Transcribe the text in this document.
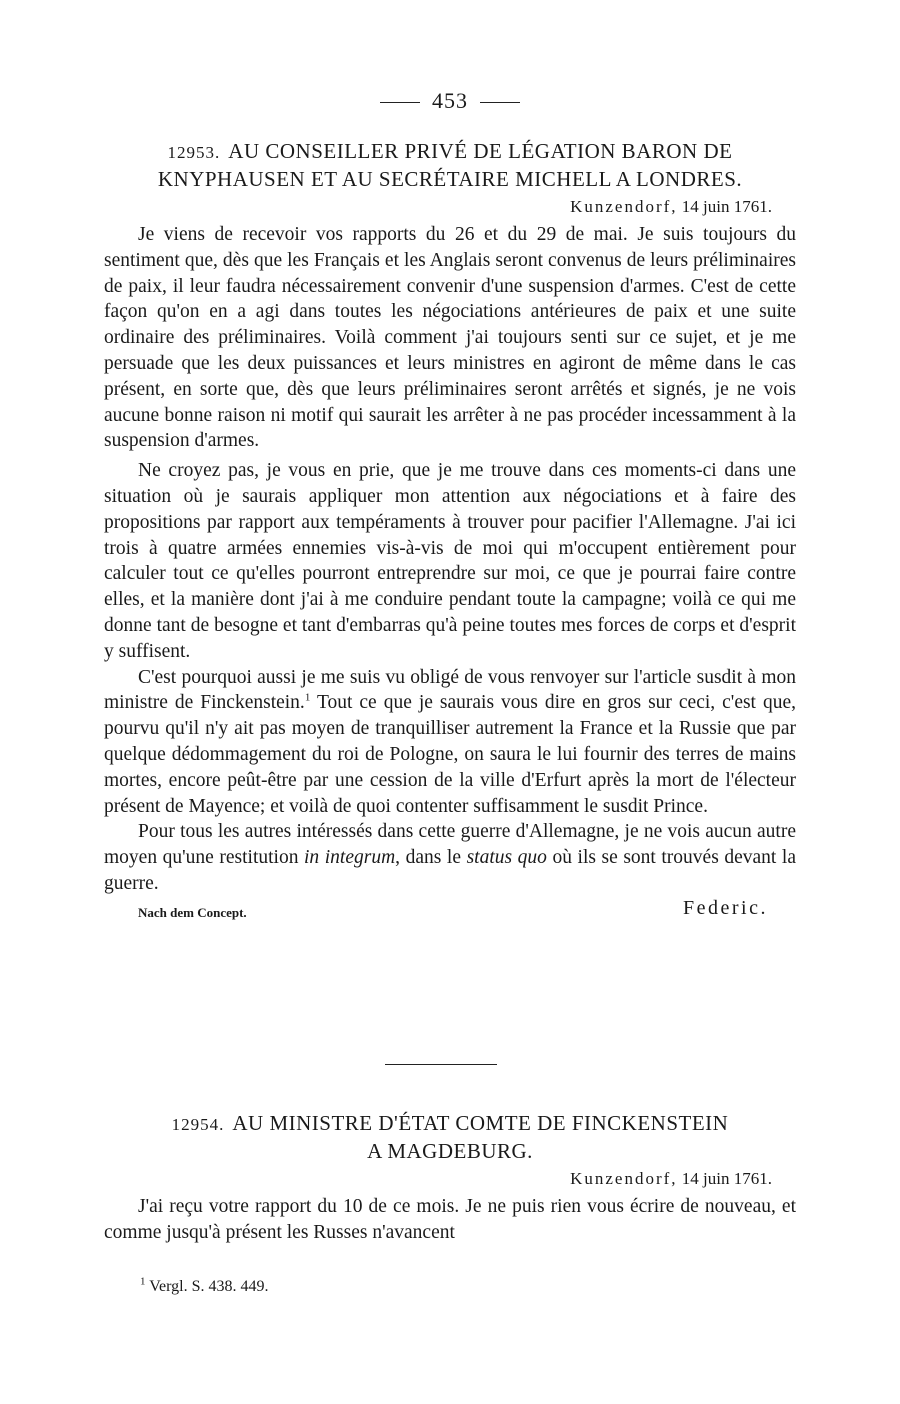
453
12953. AU CONSEILLER PRIVÉ DE LÉGATION BARON DE
KNYPHAUSEN ET AU SECRÉTAIRE MICHELL A LONDRES.
Kunzendorf, 14 juin 1761.

Je viens de recevoir vos rapports du 26 et du 29 de mai. Je suis toujours du sentiment que, dès que les Français et les Anglais seront convenus de leurs préliminaires de paix, il leur faudra nécessairement convenir d'une suspension d'armes. C'est de cette façon qu'on en a agi dans toutes les négociations antérieures de paix et une suite ordinaire des préliminaires. Voilà comment j'ai toujours senti sur ce sujet, et je me persuade que les deux puissances et leurs ministres en agiront de même dans le cas présent, en sorte que, dès que leurs préliminaires seront arrêtés et signés, je ne vois aucune bonne raison ni motif qui saurait les arrêter à ne pas procéder incessamment à la suspension d'armes.

Ne croyez pas, je vous en prie, que je me trouve dans ces moments-ci dans une situation où je saurais appliquer mon attention aux négociations et à faire des propositions par rapport aux tempéraments à trouver pour pacifier l'Allemagne. J'ai ici trois à quatre armées ennemies vis-à-vis de moi qui m'occupent entièrement pour calculer tout ce qu'elles pourront entreprendre sur moi, ce que je pourrai faire contre elles, et la manière dont j'ai à me conduire pendant toute la campagne; voilà ce qui me donne tant de besogne et tant d'embarras qu'à peine toutes mes forces de corps et d'esprit y suffisent.

C'est pourquoi aussi je me suis vu obligé de vous renvoyer sur l'article susdit à mon ministre de Finckenstein.$^1$ Tout ce que je saurais vous dire en gros sur ceci, c'est que, pourvu qu'il n'y ait pas moyen de tranquilliser autrement la France et la Russie que par quelque dédommagement du roi de Pologne, on saura le lui fournir des terres de mains mortes, encore peût-être par une cession de la ville d'Erfurt après la mort de l'électeur présent de Mayence; et voilà de quoi contenter suffisamment le susdit Prince.

Pour tous les autres intéressés dans cette guerre d'Allemagne, je ne vois aucun autre moyen qu'une restitution in integrum, dans le status quo où ils se sont trouvés devant la guerre.

Nach dem Concept.	Federic.
12954. AU MINISTRE D'ÉTAT COMTE DE FINCKENSTEIN
A MAGDEBURG.
Kunzendorf, 14 juin 1761.

J'ai reçu votre rapport du 10 de ce mois. Je ne puis rien vous écrire de nouveau, et comme jusqu'à présent les Russes n'avancent

$^1$ Vergl. S. 438. 449.
